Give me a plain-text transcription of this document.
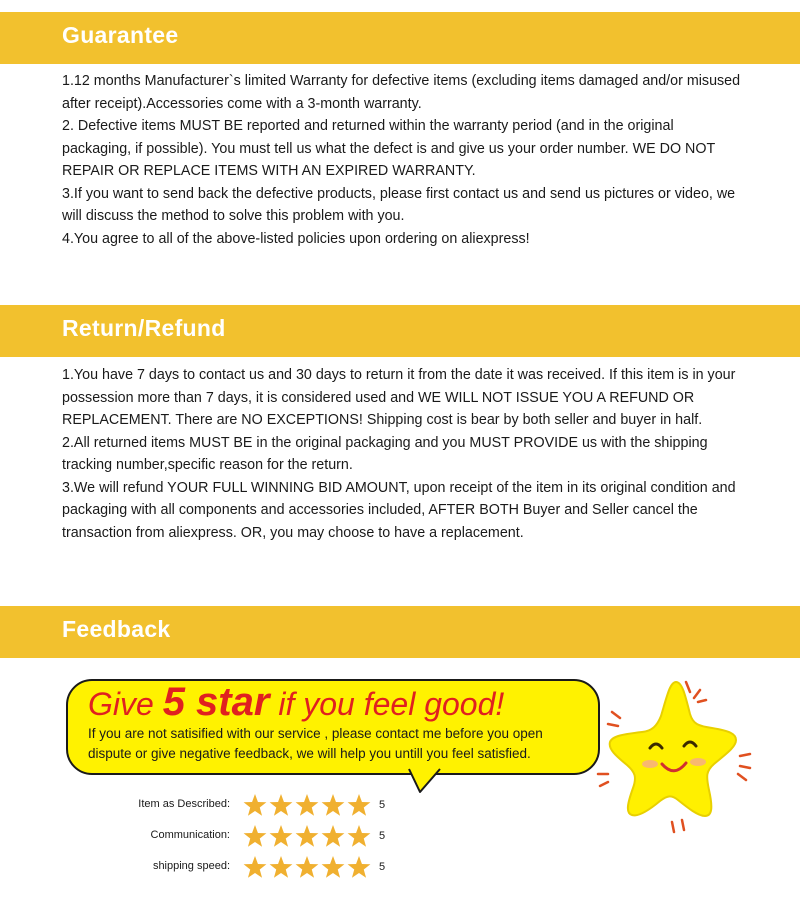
Guarantee

1.12 months Manufacturer`s limited Warranty for defective items (excluding items damaged and/or misused after receipt).Accessories come with a 3-month warranty.

2. Defective items MUST BE reported and returned within the warranty period (and in the original packaging, if possible). You must tell us what the defect is and give us your order number. WE DO NOT REPAIR OR REPLACE ITEMS WITH AN EXPIRED WARRANTY.

3.If you want to send back the defective products, please first contact us and send us pictures or video, we will discuss the method to solve this problem with you.

4.You agree to all of the above-listed policies upon ordering on aliexpress!

Return/Refund

1.You have 7 days to contact us and 30 days to return it from the date it was received. If this item is in your possession more than 7 days, it is considered used and WE WILL NOT ISSUE YOU A REFUND OR REPLACEMENT. There are NO EXCEPTIONS! Shipping cost is bear by both seller and buyer in half.

2.All returned items MUST BE in the original packaging and you MUST PROVIDE us with the shipping tracking number,specific reason for the return.

3.We will refund YOUR FULL WINNING BID AMOUNT, upon receipt of the item in its original condition and packaging with all components and accessories included, AFTER BOTH Buyer and Seller cancel the transaction from aliexpress. OR, you may choose to have a replacement.

Feedback
Give 5 star if you feel good!
If you are not satisified with our service , please contact me before you open dispute or give negative feedback, we will help you untill you feel satisfied.
Item as Described:	5
Communication:	5
shipping speed:	5
